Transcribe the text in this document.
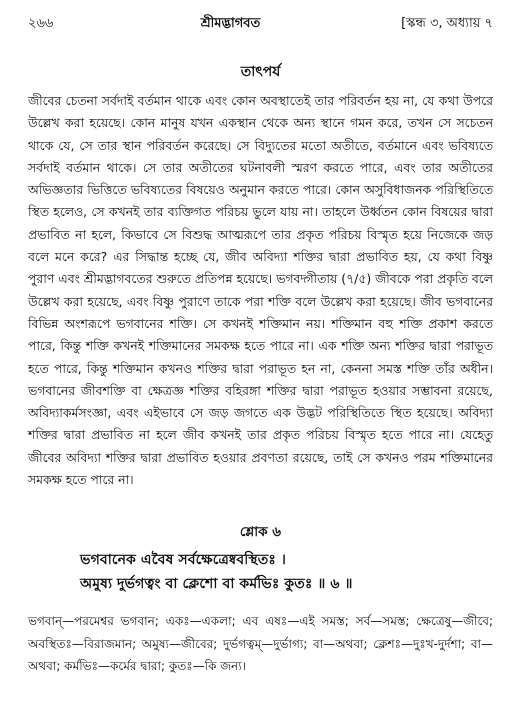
২৬৬	শ্রীমদ্ভাগবত	[স্কন্ধ ৩, অধ্যায় ৭
তাৎপর্য

জীবের চেতনা সর্বদাই বর্তমান থাকে এবং কোন অবস্থাতেই তার পরিবর্তন হয় না, যে কথা উপরে উল্লেখ করা হয়েছে। কোন মানুষ যখন একস্থান থেকে অন্য স্থানে গমন করে, তখন সে সচেতন থাকে যে, সে তার স্থান পরিবর্তন করেছে। সে বিদ্যুতের মতো অতীতে, বর্তমানে এবং ভবিষ্যতে সর্বদাই বর্তমান থাকে। সে তার অতীতের ঘটনাবলী স্মরণ করতে পারে, এবং তার অতীতের অভিজ্ঞতার ভিত্তিতে ভবিষ্যতের বিষয়েও অনুমান করতে পারে। কোন অসুবিধাজনক পরিস্থিতিতে স্থিত হলেও, সে কখনই তার ব্যক্তিগত পরিচয় ভুলে যায় না। তাহলে উর্ধ্বতন কোন বিষয়ের দ্বারা প্রভাবিত না হলে, কিভাবে সে বিশুদ্ধ আত্মরূপে তার প্রকৃত পরিচয় বিস্মৃত হয়ে নিজেকে জড় বলে মনে করে? এর সিদ্ধান্ত হচ্ছে যে, জীব অবিদ্যা শক্তির দ্বারা প্রভাবিত হয়, যে কথা বিষ্ণু পুরাণ এবং শ্রীমদ্ভাগবতের শুরুতে প্রতিপন্ন হয়েছে। ভগবদ্গীতায় (৭/৫) জীবকে পরা প্রকৃতি বলে উল্লেখ করা হয়েছে, এবং বিষ্ণু পুরাণে তাকে পরা শক্তি বলে উল্লেখ করা হয়েছে। জীব ভগবানের বিভিন্ন অংশরূপে ভগবানের শক্তি। সে কখনই শক্তিমান নয়। শক্তিমান বহু শক্তি প্রকাশ করতে পারে, কিন্তু শক্তি কখনই শক্তিমানের সমকক্ষ হতে পারে না। এক শক্তি অন্য শক্তির দ্বারা পরাভূত হতে পারে, কিন্তু শক্তিমান কখনও শক্তির দ্বারা পরাভূত হন না, কেননা সমস্ত শক্তি তাঁর অধীন। ভগবানের জীবশক্তি বা ক্ষেত্রজ্ঞ শক্তির বহিরঙ্গা শক্তির দ্বারা পরাভূত হওয়ার সম্ভাবনা রয়েছে, অবিদ্যাকর্মসংজ্ঞা, এবং এইভাবে সে জড় জগতে এক উদ্ভট পরিস্থিতিতে স্থিত হয়েছে। অবিদ্যা শক্তির দ্বারা প্রভাবিত না হলে জীব কখনই তার প্রকৃত পরিচয় বিস্মৃত হতে পারে না। যেহেতু জীবের অবিদ্যা শক্তির দ্বারা প্রভাবিত হওয়ার প্রবণতা রয়েছে, তাই সে কখনও পরম শক্তিমানের সমকক্ষ হতে পারে না।

শ্লোক ৬
ভগবানেক এবৈষ সর্বক্ষেত্রেষ্ববস্থিতঃ ।
অমুষ্য দুর্ভগত্বং বা ক্লেশো বা কর্মভিঃ কুতঃ ॥ ৬ ॥
ভগবান্—পরমেশ্বর ভগবান; একঃ—একলা; এব এষঃ—এই সমস্ত; সর্ব—সমস্ত; ক্ষেত্রেষু—জীবে; অবস্থিতঃ—বিরাজমান; অমুষ্য—জীবের; দুর্ভগত্বম্—দুর্ভাগ্য; বা—অথবা; ক্লেশঃ—দুঃখ-দুর্দশা; বা—অথবা; কর্মভিঃ—কর্মের দ্বারা; কুতঃ—কি জন্য।
